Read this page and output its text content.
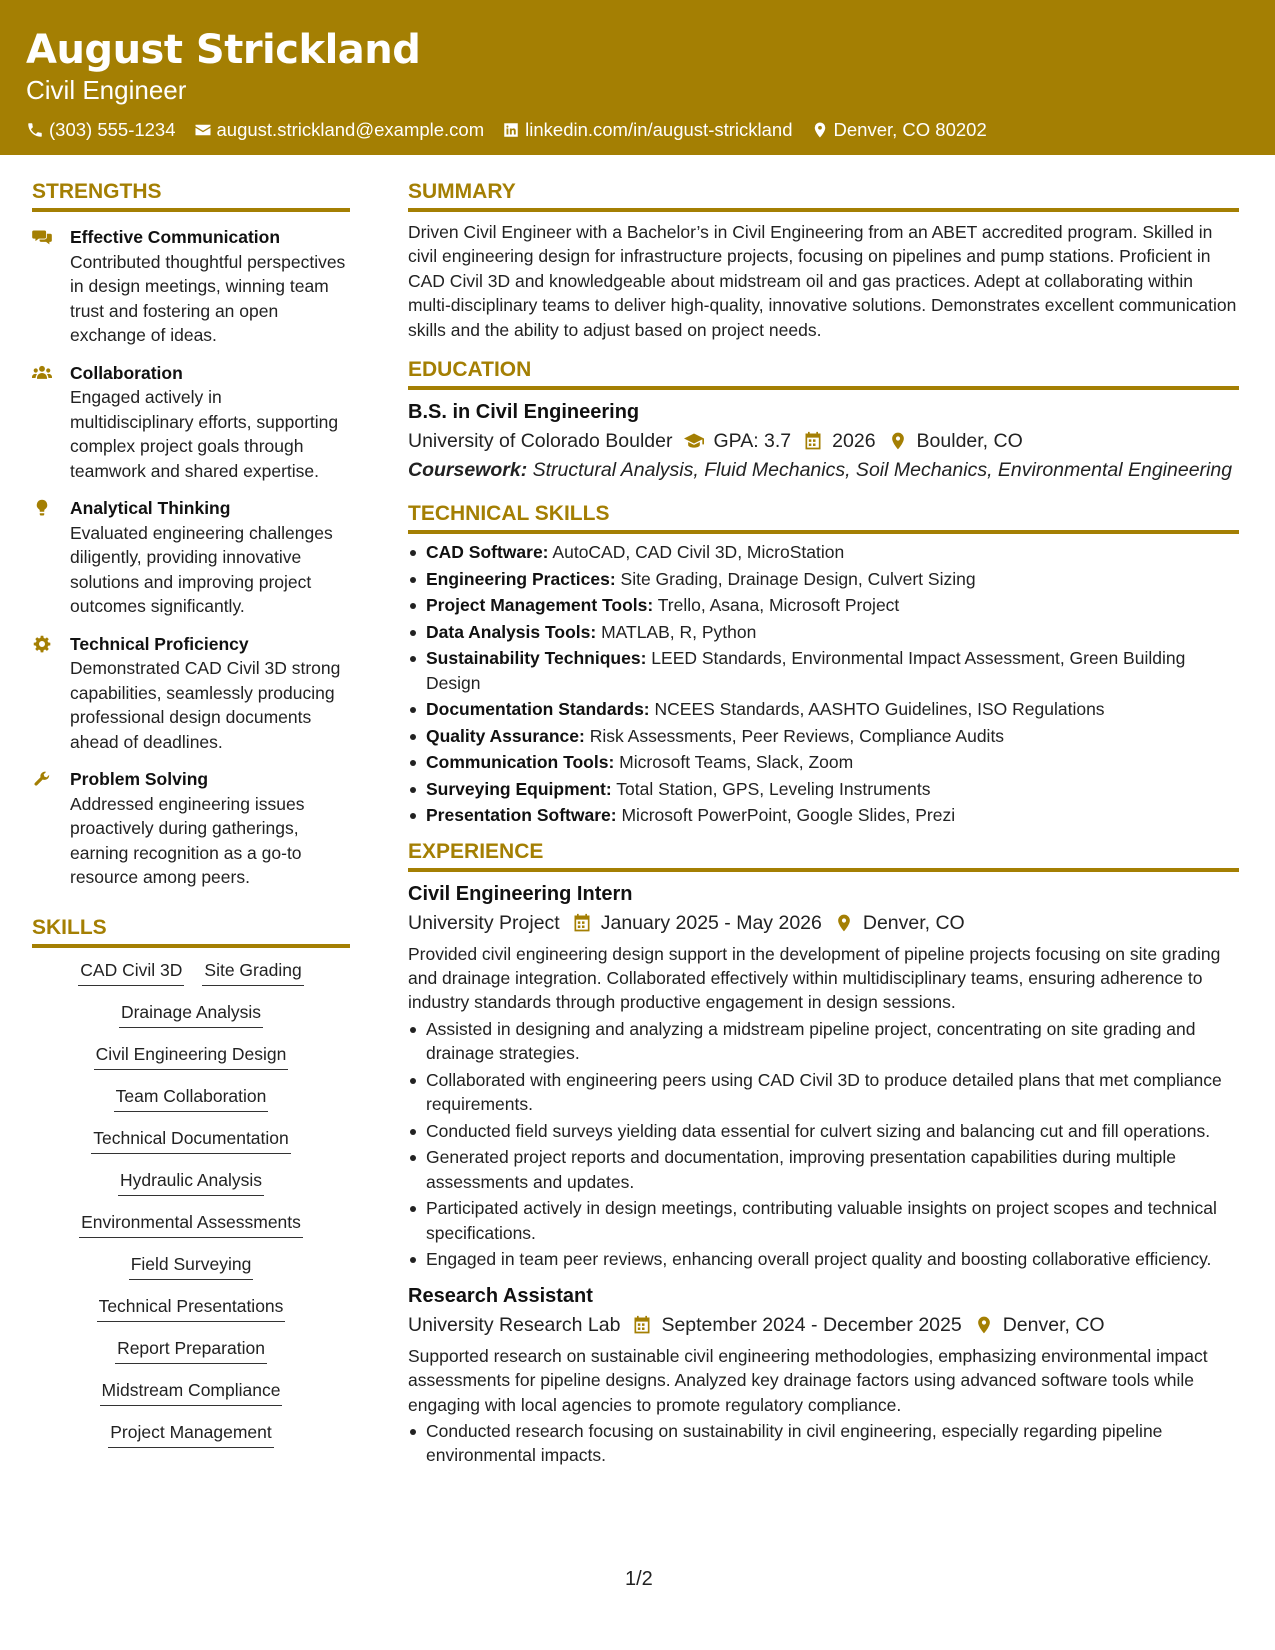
August Strickland
Civil Engineer
(303) 555-1234 august.strickland@example.com linkedin.com/in/august-strickland Denver, CO 80202
STRENGTHS
Effective Communication
Contributed thoughtful perspectives in design meetings, winning team trust and fostering an open exchange of ideas.
Collaboration
Engaged actively in multidisciplinary efforts, supporting complex project goals through teamwork and shared expertise.
Analytical Thinking
Evaluated engineering challenges diligently, providing innovative solutions and improving project outcomes significantly.
Technical Proficiency
Demonstrated CAD Civil 3D strong capabilities, seamlessly producing professional design documents ahead of deadlines.
Problem Solving
Addressed engineering issues proactively during gatherings, earning recognition as a go-to resource among peers.
SKILLS
CAD Civil 3D Site Grading
Drainage Analysis
Civil Engineering Design
Team Collaboration
Technical Documentation
Hydraulic Analysis
Environmental Assessments
Field Surveying
Technical Presentations
Report Preparation
Midstream Compliance
Project Management
SUMMARY
Driven Civil Engineer with a Bachelor’s in Civil Engineering from an ABET accredited program. Skilled in civil engineering design for infrastructure projects, focusing on pipelines and pump stations. Proficient in CAD Civil 3D and knowledgeable about midstream oil and gas practices. Adept at collaborating within multi-disciplinary teams to deliver high-quality, innovative solutions. Demonstrates excellent communication skills and the ability to adjust based on project needs.
EDUCATION
B.S. in Civil Engineering
University of Colorado Boulder GPA: 3.7 2026 Boulder, CO
Coursework: Structural Analysis, Fluid Mechanics, Soil Mechanics, Environmental Engineering
TECHNICAL SKILLS
CAD Software: AutoCAD, CAD Civil 3D, MicroStation
Engineering Practices: Site Grading, Drainage Design, Culvert Sizing
Project Management Tools: Trello, Asana, Microsoft Project
Data Analysis Tools: MATLAB, R, Python
Sustainability Techniques: LEED Standards, Environmental Impact Assessment, Green Building Design
Documentation Standards: NCEES Standards, AASHTO Guidelines, ISO Regulations
Quality Assurance: Risk Assessments, Peer Reviews, Compliance Audits
Communication Tools: Microsoft Teams, Slack, Zoom
Surveying Equipment: Total Station, GPS, Leveling Instruments
Presentation Software: Microsoft PowerPoint, Google Slides, Prezi
EXPERIENCE
Civil Engineering Intern
University Project January 2025 - May 2026 Denver, CO
Provided civil engineering design support in the development of pipeline projects focusing on site grading and drainage integration. Collaborated effectively within multidisciplinary teams, ensuring adherence to industry standards through productive engagement in design sessions.
Assisted in designing and analyzing a midstream pipeline project, concentrating on site grading and drainage strategies.
Collaborated with engineering peers using CAD Civil 3D to produce detailed plans that met compliance requirements.
Conducted field surveys yielding data essential for culvert sizing and balancing cut and fill operations.
Generated project reports and documentation, improving presentation capabilities during multiple assessments and updates.
Participated actively in design meetings, contributing valuable insights on project scopes and technical specifications.
Engaged in team peer reviews, enhancing overall project quality and boosting collaborative efficiency.
Research Assistant
University Research Lab September 2024 - December 2025 Denver, CO
Supported research on sustainable civil engineering methodologies, emphasizing environmental impact assessments for pipeline designs. Analyzed key drainage factors using advanced software tools while engaging with local agencies to promote regulatory compliance.
Conducted research focusing on sustainability in civil engineering, especially regarding pipeline environmental impacts.
1/2
